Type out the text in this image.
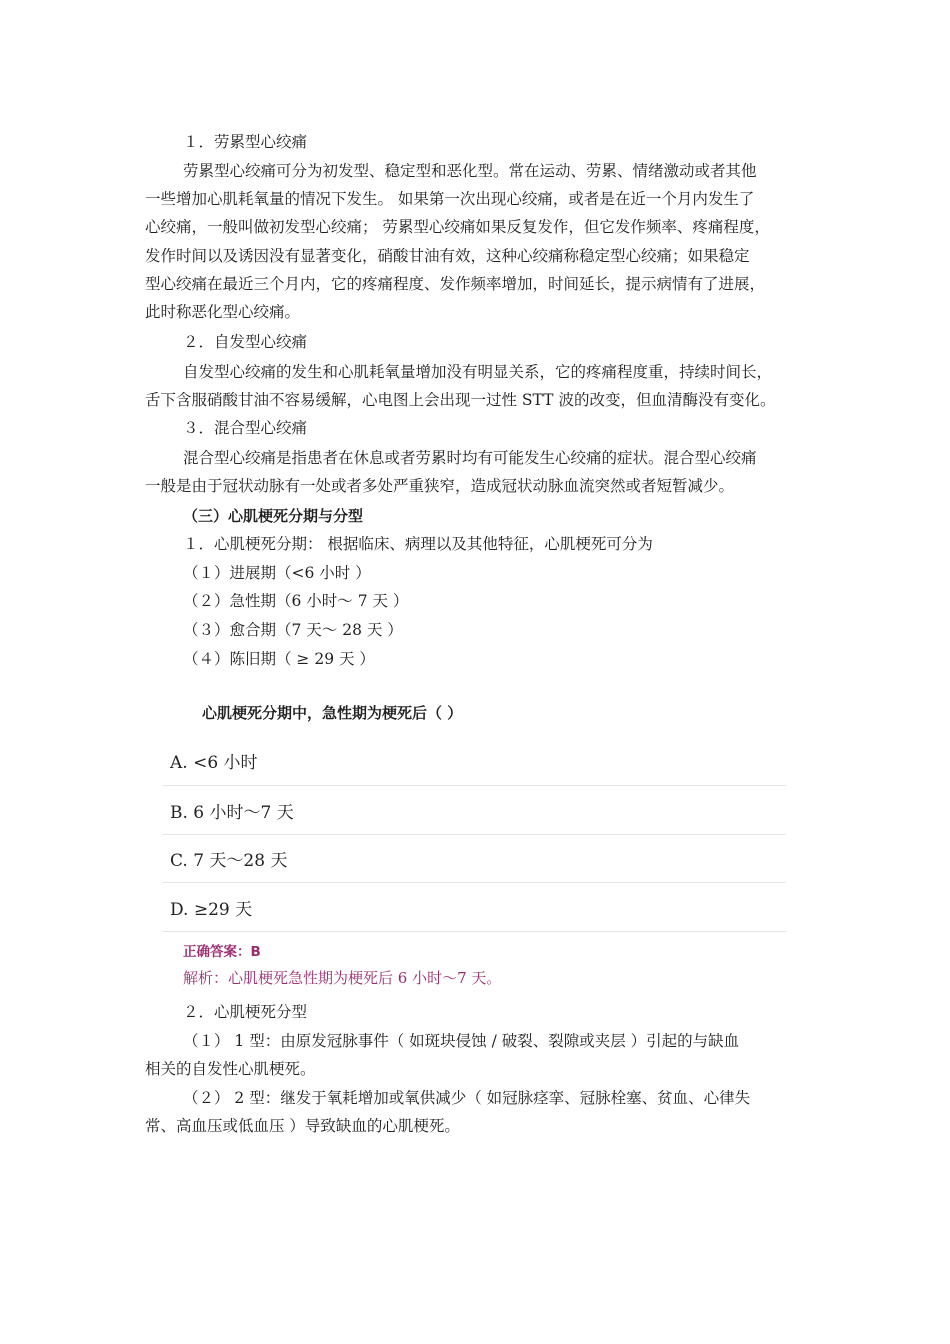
１．劳累型心绞痛
劳累型心绞痛可分为初发型、稳定型和恶化型。常在运动、劳累、情绪激动或者其他
一些增加心肌耗氧量的情况下发生。 如果第一次出现心绞痛，或者是在近一个月内发生了
心绞痛，一般叫做初发型心绞痛； 劳累型心绞痛如果反复发作，但它发作频率、疼痛程度，
发作时间以及诱因没有显著变化，硝酸甘油有效，这种心绞痛称稳定型心绞痛；如果稳定
型心绞痛在最近三个月内，它的疼痛程度、发作频率增加，时间延长，提示病情有了进展，
此时称恶化型心绞痛。
２．自发型心绞痛
自发型心绞痛的发生和心肌耗氧量增加没有明显关系，它的疼痛程度重，持续时间长，
舌下含服硝酸甘油不容易缓解，心电图上会出现一过性 STT 波的改变，但血清酶没有变化。
３．混合型心绞痛
混合型心绞痛是指患者在休息或者劳累时均有可能发生心绞痛的症状。混合型心绞痛
一般是由于冠状动脉有一处或者多处严重狭窄，造成冠状动脉血流突然或者短暂减少。
（三）心肌梗死分期与分型
１．心肌梗死分期： 根据临床、病理以及其他特征，心肌梗死可分为
（１）进展期（<6 小时 ）
（２）急性期（6 小时～ 7 天 ）
（３）愈合期（7 天～ 28 天 ）
（４）陈旧期（ ≥ 29 天 ）
心肌梗死分期中，急性期为梗死后（ ）
A. <6 小时
B. 6 小时～7 天
C. 7 天～28 天
D. ≥29 天
正确答案：B
解析：心肌梗死急性期为梗死后 6 小时～7 天。
２．心肌梗死分型
（１） 1 型：由原发冠脉事件（ 如斑块侵蚀 / 破裂、裂隙或夹层 ）引起的与缺血
相关的自发性心肌梗死。
（２） 2 型：继发于氧耗增加或氧供减少（ 如冠脉痉挛、冠脉栓塞、贫血、心律失
常、高血压或低血压 ）导致缺血的心肌梗死。
